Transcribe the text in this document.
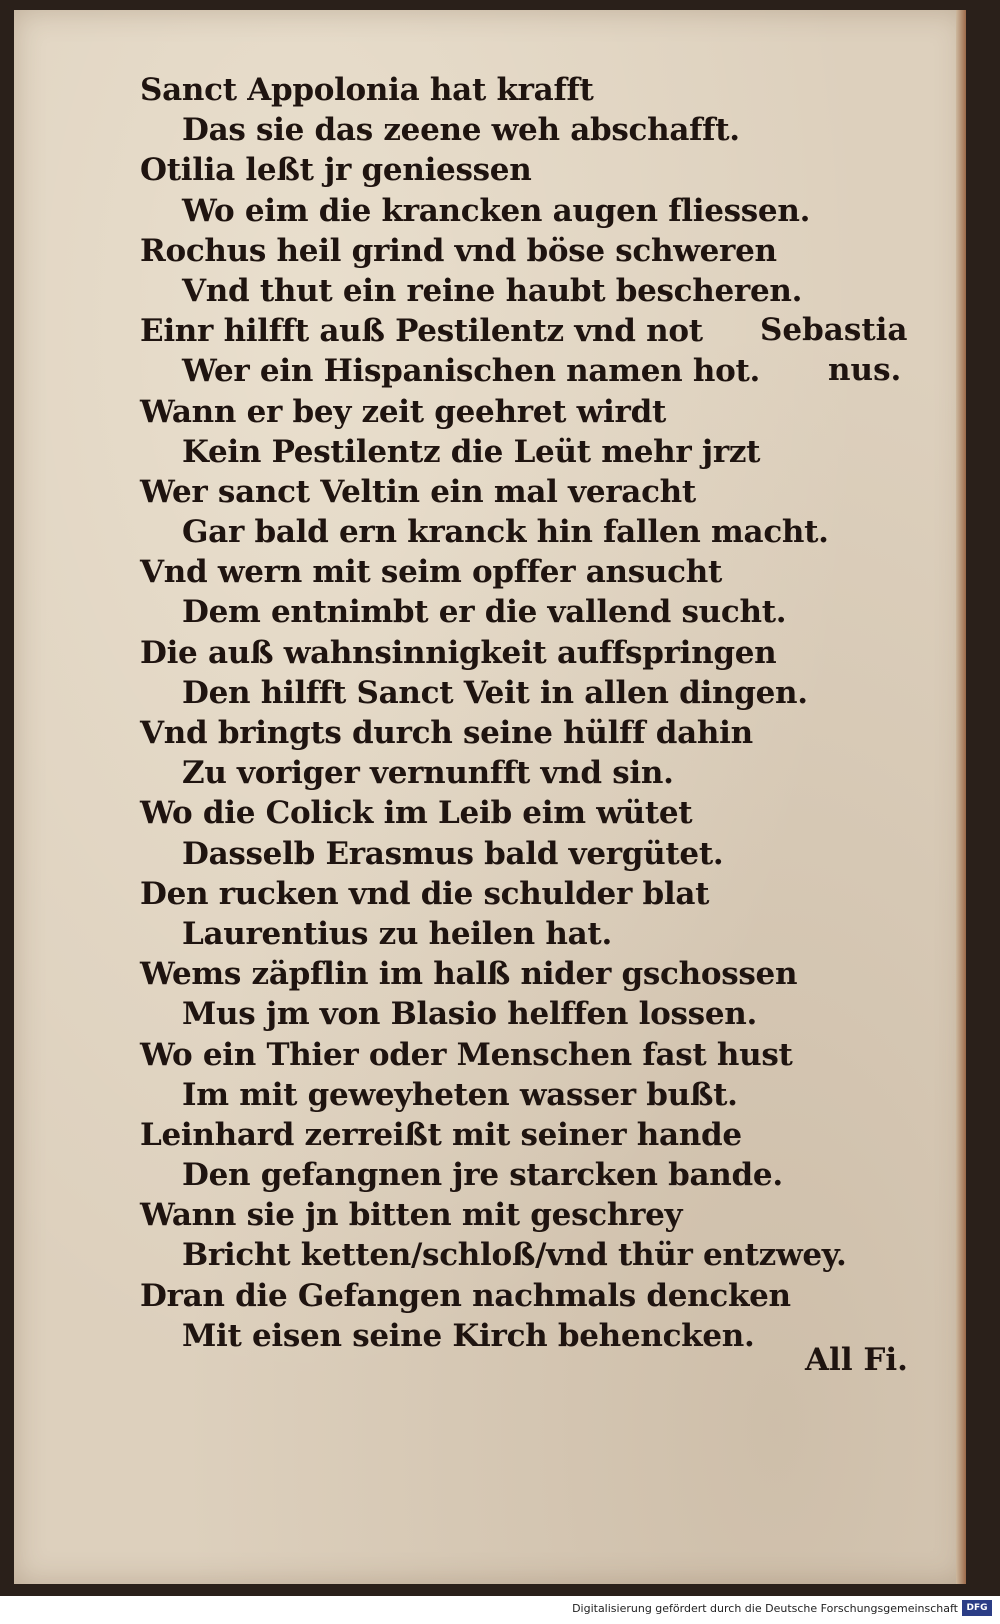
Sanct Appolonia hat krafft
Das sie das zeene weh abschafft.
Otilia leßt jr geniessen
Wo eim die krancken augen fliessen.
Rochus heil grind vnd böse schweren
Vnd thut ein reine haubt bescheren.
Einr hilfft auß Pestilentz vnd not
Wer ein Hispanischen namen hot.
Wann er bey zeit geehret wirdt
Kein Pestilentz die Leüt mehr jrzt
Wer sanct Veltin ein mal veracht
Gar bald ern kranck hin fallen macht.
Vnd wern mit seim opffer ansucht
Dem entnimbt er die vallend sucht.
Die auß wahnsinnigkeit auffspringen
Den hilfft Sanct Veit in allen dingen.
Vnd bringts durch seine hülff dahin
Zu voriger vernunfft vnd sin.
Wo die Colick im Leib eim wütet
Dasselb Erasmus bald vergütet.
Den rucken vnd die schulder blat
Laurentius zu heilen hat.
Wems zäpflin im halß nider gschossen
Mus jm von Blasio helffen lossen.
Wo ein Thier oder Menschen fast hust
Im mit geweyheten wasser bußt.
Leinhard zerreißt mit seiner hande
Den gefangnen jre starcken bande.
Wann sie jn bitten mit geschrey
Bricht ketten/schloß/vnd thür entzwey.
Dran die Gefangen nachmals dencken
Mit eisen seine Kirch behencken.
Sebastia
nus.
All Fi.
Digitalisierung gefördert durch die Deutsche Forschungsgemeinschaft DFG
